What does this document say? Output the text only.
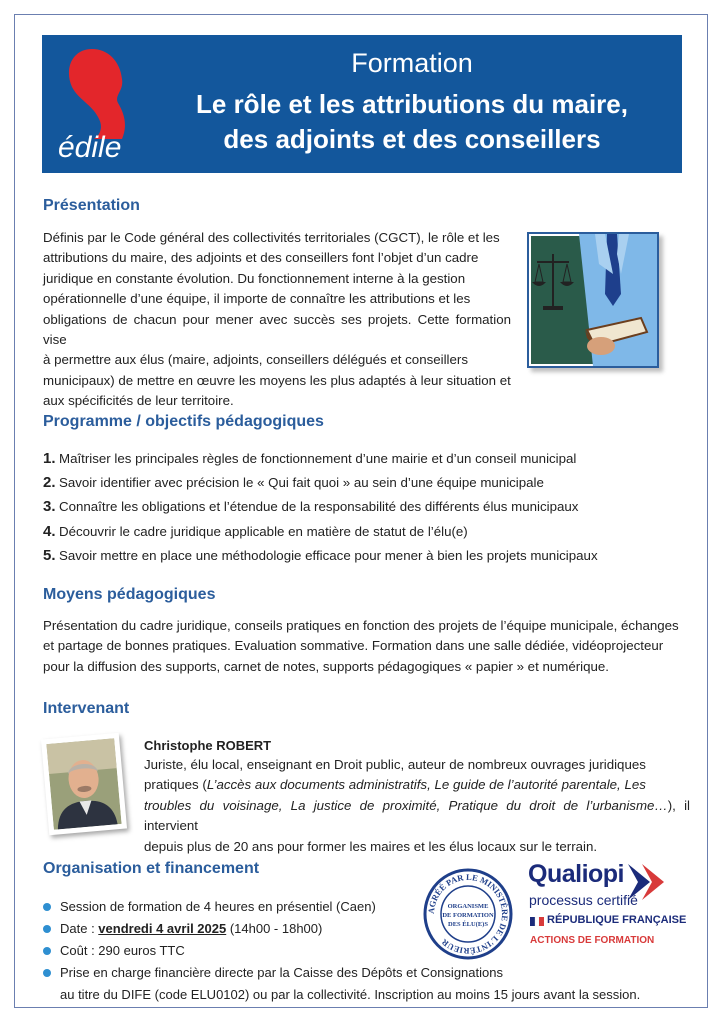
édile
Formation
Le rôle et les attributions du maire,
des adjoints et des conseillers
Présentation
Définis par le Code général des collectivités territoriales (CGCT), le rôle et les
attributions du maire, des adjoints et des conseillers font l’objet d’un cadre
juridique en constante évolution. Du fonctionnement interne à la gestion
opérationnelle d’une équipe, il importe de connaître les attributions et les
obligations de chacun pour mener avec succès ses projets. Cette formation vise
à permettre aux élus (maire, adjoints, conseillers délégués et conseillers
municipaux) de mettre en œuvre les moyens les plus adaptés à leur situation et
aux spécificités de leur territoire.
Programme / objectifs pédagogiques
1. Maîtriser les principales règles de fonctionnement d’une mairie et d’un conseil municipal
2. Savoir identifier avec précision le « Qui fait quoi » au sein d’une équipe municipale
3. Connaître les obligations et l’étendue de la responsabilité des différents élus municipaux
4. Découvrir le cadre juridique applicable en matière de statut de l’élu(e)
5. Savoir mettre en place une méthodologie efficace pour mener à bien les projets municipaux
Moyens pédagogiques
Présentation du cadre juridique, conseils pratiques en fonction des projets de l’équipe municipale, échanges
et partage de bonnes pratiques. Evaluation sommative. Formation dans une salle dédiée, vidéoprojecteur
pour la diffusion des supports, carnet de notes, supports pédagogiques « papier » et numérique.
Intervenant
Christophe ROBERT
Juriste, élu local, enseignant en Droit public, auteur de nombreux ouvrages juridiques
pratiques (L’accès aux documents administratifs, Le guide de l’autorité parentale, Les
troubles du voisinage, La justice de proximité, Pratique du droit de l’urbanisme…), il intervient
depuis plus de 20 ans pour former les maires et les élus locaux sur le terrain.
Organisation et financement
Session de formation de 4 heures en présentiel (Caen)
Date : vendredi 4 avril 2025 (14h00 - 18h00)
Coût : 290 euros TTC
Prise en charge financière directe par la Caisse des Dépôts et Consignations
au titre du DIFE (code ELU0102) ou par la collectivité. Inscription au moins 15 jours avant la session.
AGRÉÉ PAR LE MINISTÈRE DE L'INTÉRIEUR
ORGANISME
DE FORMATION
DES ÉLU(E)S
Qualiopi
processus certifié
RÉPUBLIQUE FRANÇAISE
ACTIONS DE FORMATION
